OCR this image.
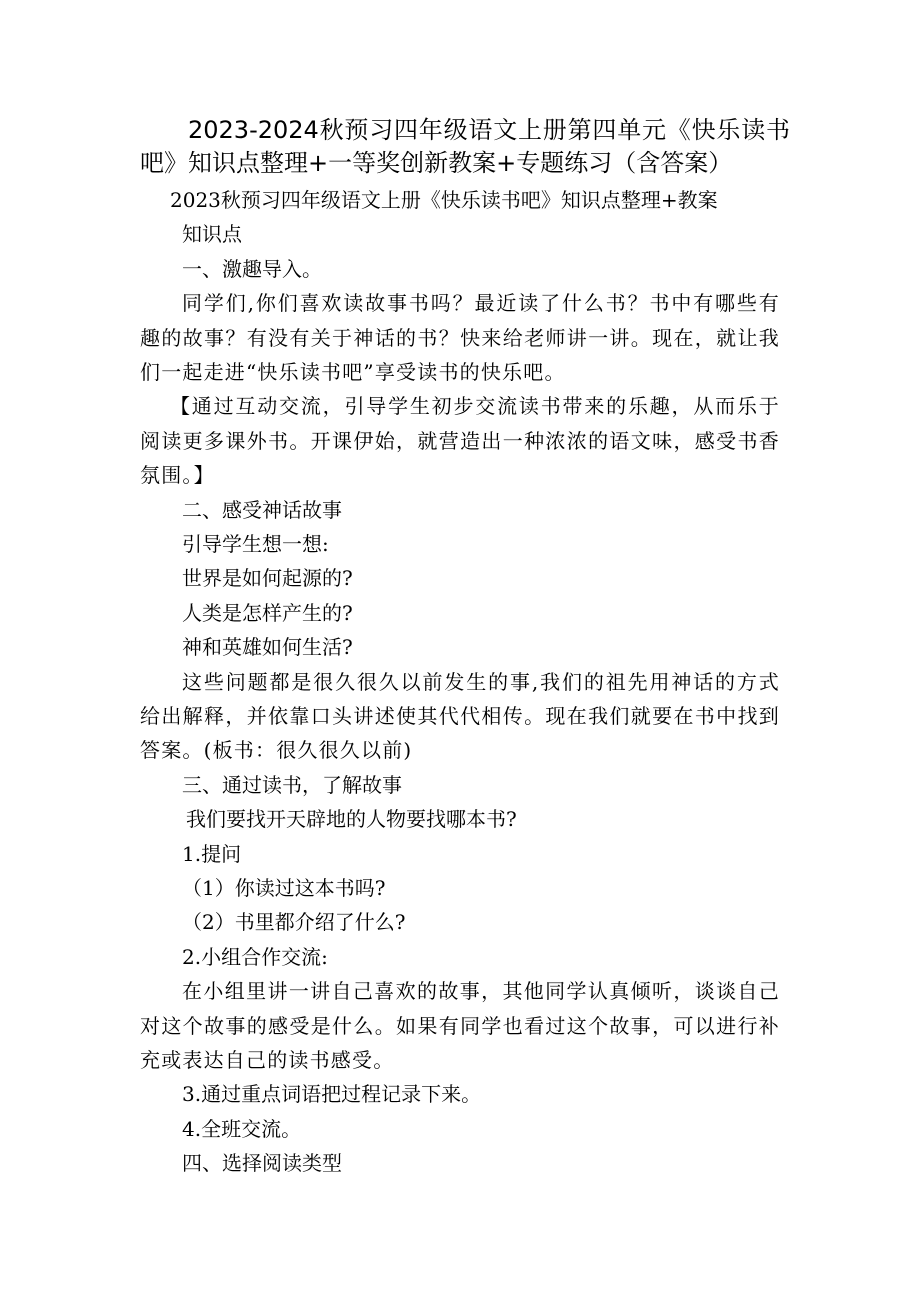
2023-2024秋预习四年级语文上册第四单元《快乐读书吧》知识点整理+一等奖创新教案+专题练习（含答案）

2023秋预习四年级语文上册《快乐读书吧》知识点整理+教案

知识点

一、激趣导入。

同学们,你们喜欢读故事书吗？最近读了什么书？书中有哪些有趣的故事？有没有关于神话的书？快来给老师讲一讲。现在，就让我们一起走进“快乐读书吧”享受读书的快乐吧。

【通过互动交流，引导学生初步交流读书带来的乐趣，从而乐于阅读更多课外书。开课伊始，就营造出一种浓浓的语文味，感受书香氛围。】

二、感受神话故事

引导学生想一想:

世界是如何起源的?

人类是怎样产生的?

神和英雄如何生活?

这些问题都是很久很久以前发生的事,我们的祖先用神话的方式给出解释，并依靠口头讲述使其代代相传。现在我们就要在书中找到答案。(板书：很久很久以前)

三、通过读书，了解故事

我们要找开天辟地的人物要找哪本书?

1.提问

（1）你读过这本书吗?

（2）书里都介绍了什么?

2.小组合作交流:

在小组里讲一讲自己喜欢的故事，其他同学认真倾听，谈谈自己对这个故事的感受是什么。如果有同学也看过这个故事，可以进行补充或表达自己的读书感受。

3.通过重点词语把过程记录下来。

4.全班交流。

四、选择阅读类型
